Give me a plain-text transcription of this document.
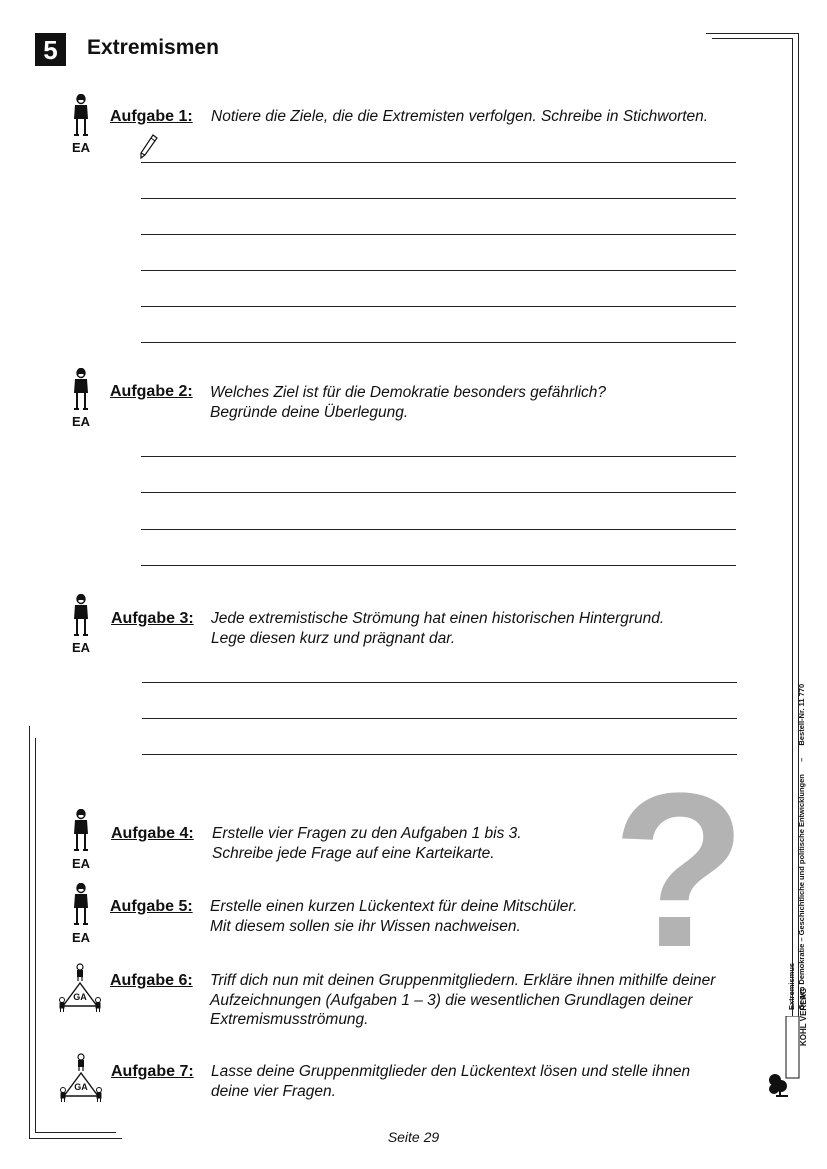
5	Extremismen
EA
Aufgabe 1: Notiere die Ziele, die die Extremisten verfolgen. Schreibe in Stichworten.
EA
Aufgabe 2: Welches Ziel ist für die Demokratie besonders gefährlich?
Begründe deine Überlegung.
EA
Aufgabe 3: Jede extremistische Strömung hat einen historischen Hintergrund.
Lege diesen kurz und prägnant dar.
?
EA
Aufgabe 4: Erstelle vier Fragen zu den Aufgaben 1 bis 3.
Schreibe jede Frage auf eine Karteikarte.
EA
Aufgabe 5: Erstelle einen kurzen Lückentext für deine Mitschüler.
Mit diesem sollen sie ihr Wissen nachweisen.
GA
Aufgabe 6: Triff dich nun mit deinen Gruppenmitgliedern. Erkläre ihnen mithilfe deiner
Aufzeichnungen (Aufgaben 1 – 3) die wesentlichen Grundlagen deiner
Extremismusströmung.
GA
Aufgabe 7: Lasse deine Gruppenmitglieder den Lückentext lösen und stelle ihnen
deine vier Fragen.
Extremismus Gegen Demokratie – Geschichtliche und politische Entwicklungen  –  Bestell-Nr. 11 770
KOHL VERLAG
Seite 29
